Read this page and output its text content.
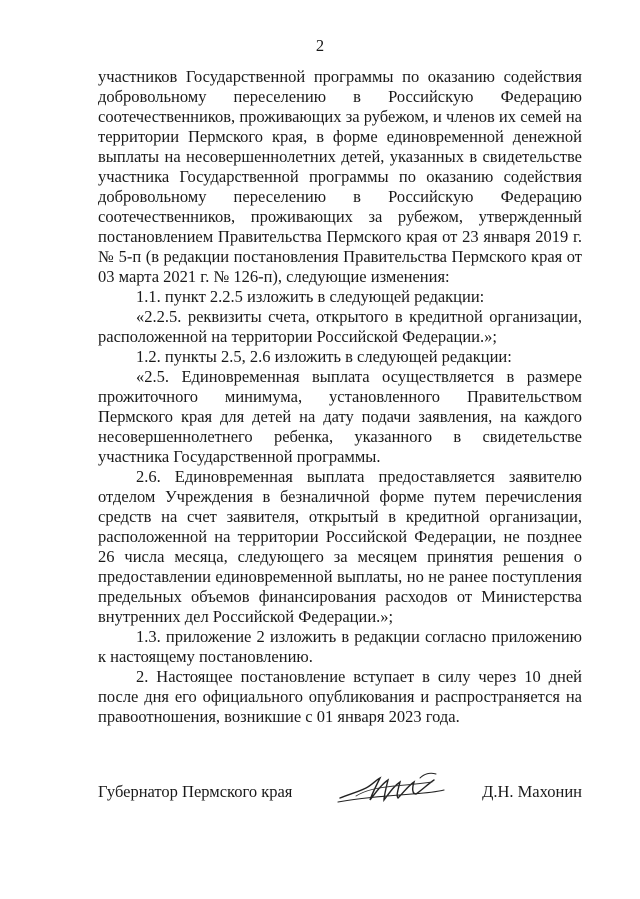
2

участников Государственной программы по оказанию содействия добровольному переселению в Российскую Федерацию соотечественников, проживающих за рубежом, и членов их семей на территории Пермского края, в форме единовременной денежной выплаты на несовершеннолетних детей, указанных в свидетельстве участника Государственной программы по оказанию содействия добровольному переселению в Российскую Федерацию соотечественников, проживающих за рубежом, утвержденный постановлением Правительства Пермского края от 23 января 2019 г. № 5-п (в редакции постановления Правительства Пермского края от 03 марта 2021 г. № 126-п), следующие изменения:

1.1. пункт 2.2.5 изложить в следующей редакции:

«2.2.5. реквизиты счета, открытого в кредитной организации, расположенной на территории Российской Федерации.»;

1.2. пункты 2.5, 2.6 изложить в следующей редакции:

«2.5. Единовременная выплата осуществляется в размере прожиточного минимума, установленного Правительством Пермского края для детей на дату подачи заявления, на каждого несовершеннолетнего ребенка, указанного в свидетельстве участника Государственной программы.

2.6. Единовременная выплата предоставляется заявителю отделом Учреждения в безналичной форме путем перечисления средств на счет заявителя, открытый в кредитной организации, расположенной на территории Российской Федерации, не позднее 26 числа месяца, следующего за месяцем принятия решения о предоставлении единовременной выплаты, но не ранее поступления предельных объемов финансирования расходов от Министерства внутренних дел Российской Федерации.»;

1.3. приложение 2 изложить в редакции согласно приложению к настоящему постановлению.

2. Настоящее постановление вступает в силу через 10 дней после дня его официального опубликования и распространяется на правоотношения, возникшие с 01 января 2023 года.

Губернатор Пермского края	Д.Н. Махонин
